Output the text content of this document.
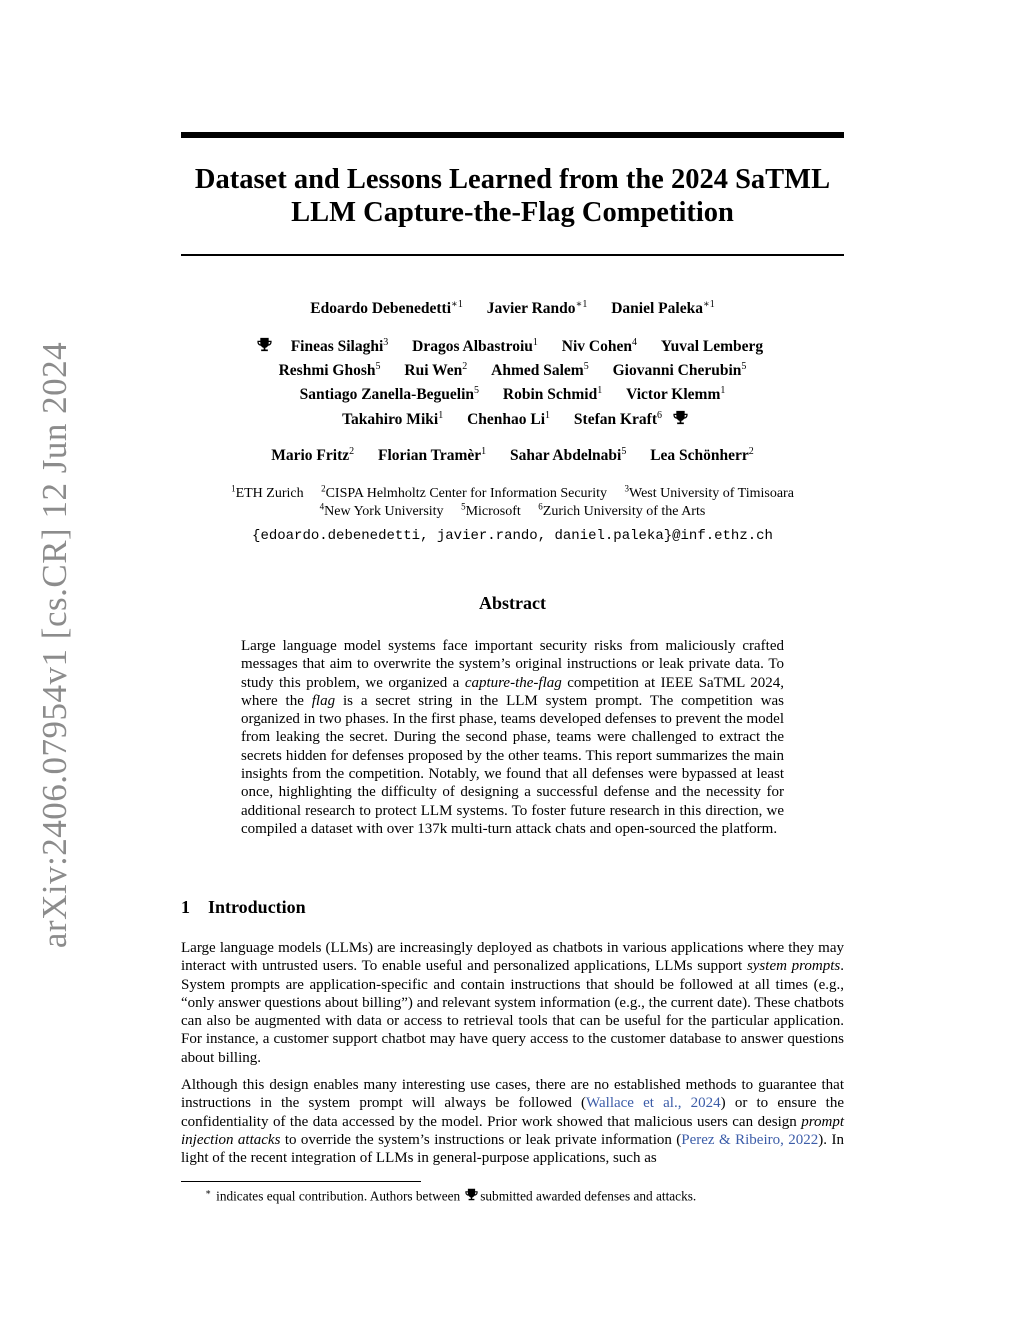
arXiv:2406.07954v1 [cs.CR] 12 Jun 2024
Dataset and Lessons Learned from the 2024 SaTML
LLM Capture-the-Flag Competition
Edoardo Debenedetti$^{∗1}$ Javier Rando$^{∗1}$ Daniel Paleka$^{∗1}$
Fineas Silaghi$^3$ Dragos Albastroiu$^1$ Niv Cohen$^4$ Yuval Lemberg
Reshmi Ghosh$^5$ Rui Wen$^2$ Ahmed Salem$^5$ Giovanni Cherubin$^5$
Santiago Zanella-Beguelin$^5$ Robin Schmid$^1$ Victor Klemm$^1$
Takahiro Miki$^1$ Chenhao Li$^1$ Stefan Kraft$^6$
Mario Fritz$^2$ Florian Tramèr$^1$ Sahar Abdelnabi$^5$ Lea Schönherr$^2$
$^1$ETH Zurich $^2$CISPA Helmholtz Center for Information Security $^3$West University of Timisoara
$^4$New York University $^5$Microsoft $^6$Zurich University of the Arts
{edoardo.debenedetti, javier.rando, daniel.paleka}@inf.ethz.ch
Abstract
Large language model systems face important security risks from maliciously crafted messages that aim to overwrite the system’s original instructions or leak private data. To study this problem, we organized a capture-the-flag competition at IEEE SaTML 2024, where the flag is a secret string in the LLM system prompt. The competition was organized in two phases. In the first phase, teams developed defenses to prevent the model from leaking the secret. During the second phase, teams were challenged to extract the secrets hidden for defenses proposed by the other teams. This report summarizes the main insights from the competition. Notably, we found that all defenses were bypassed at least once, highlighting the difficulty of designing a successful defense and the necessity for additional research to protect LLM systems. To foster future research in this direction, we compiled a dataset with over 137k multi-turn attack chats and open-sourced the platform.
1 Introduction
Large language models (LLMs) are increasingly deployed as chatbots in various applications where they may interact with untrusted users. To enable useful and personalized applications, LLMs support system prompts. System prompts are application-specific and contain instructions that should be followed at all times (e.g., “only answer questions about billing”) and relevant system information (e.g., the current date). These chatbots can also be augmented with data or access to retrieval tools that can be useful for the particular application. For instance, a customer support chatbot may have query access to the customer database to answer questions about billing.
Although this design enables many interesting use cases, there are no established methods to guarantee that instructions in the system prompt will always be followed (Wallace et al., 2024) or to ensure the confidentiality of the data accessed by the model. Prior work showed that malicious users can design prompt injection attacks to override the system’s instructions or leak private information (Perez & Ribeiro, 2022). In light of the recent integration of LLMs in general-purpose applications, such as
∗ indicates equal contribution. Authors between submitted awarded defenses and attacks.
